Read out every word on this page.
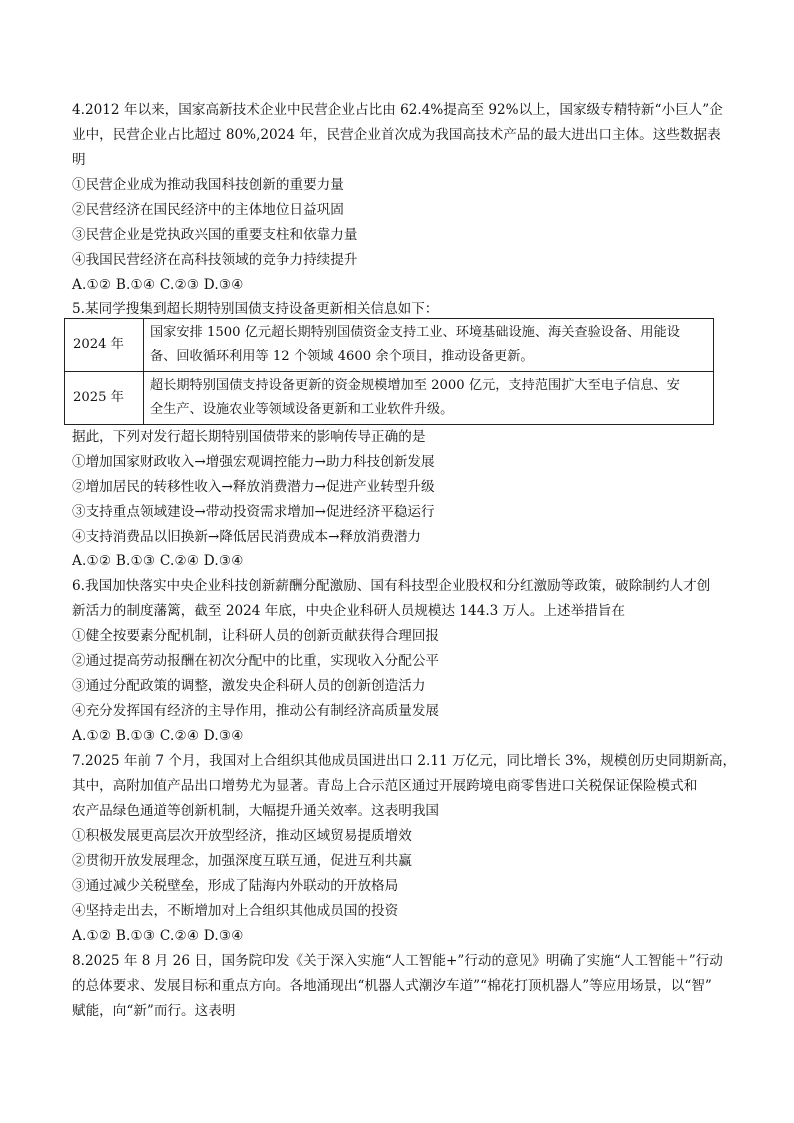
4.2012 年以来，国家高新技术企业中民营企业占比由 62.4%提高至 92%以上，国家级专精特新“小巨人”企
业中，民营企业占比超过 80%,2024 年，民营企业首次成为我国高技术产品的最大进出口主体。这些数据表
明
①民营企业成为推动我国科技创新的重要力量
②民营经济在国民经济中的主体地位日益巩固
③民营企业是党执政兴国的重要支柱和依靠力量
④我国民营经济在高科技领域的竞争力持续提升
A.①② B.①④ C.②③ D.③④
5.某同学搜集到超长期特别国债支持设备更新相关信息如下：
2024 年	国家安排 1500 亿元超长期特别国债资金支持工业、环境基础设施、海关查验设备、用能设
备、回收循环利用等 12 个领域 4600 余个项目，推动设备更新。

2025 年	超长期特别国债支持设备更新的资金规模增加至 2000 亿元，支持范围扩大至电子信息、安
全生产、设施农业等领域设备更新和工业软件升级。
据此，下列对发行超长期特别国债带来的影响传导正确的是
①增加国家财政收入→增强宏观调控能力→助力科技创新发展
②增加居民的转移性收入→释放消费潜力→促进产业转型升级
③支持重点领域建设→带动投资需求增加→促进经济平稳运行
④支持消费品以旧换新→降低居民消费成本→释放消费潜力
A.①② B.①③ C.②④ D.③④
6.我国加快落实中央企业科技创新薪酬分配激励、国有科技型企业股权和分红激励等政策，破除制约人才创
新活力的制度藩篱，截至 2024 年底，中央企业科研人员规模达 144.3 万人。上述举措旨在
①健全按要素分配机制，让科研人员的创新贡献获得合理回报
②通过提高劳动报酬在初次分配中的比重，实现收入分配公平
③通过分配政策的调整，激发央企科研人员的创新创造活力
④充分发挥国有经济的主导作用，推动公有制经济高质量发展
A.①② B.①③ C.②④ D.③④
7.2025 年前 7 个月，我国对上合组织其他成员国进出口 2.11 万亿元，同比增长 3%，规模创历史同期新高，
其中，高附加值产品出口增势尤为显著。青岛上合示范区通过开展跨境电商零售进口关税保证保险模式和
农产品绿色通道等创新机制，大幅提升通关效率。这表明我国
①积极发展更高层次开放型经济，推动区域贸易提质增效
②贯彻开放发展理念，加强深度互联互通，促进互利共赢
③通过减少关税壁垒，形成了陆海内外联动的开放格局
④坚持走出去，不断增加对上合组织其他成员国的投资
A.①② B.①③ C.②④ D.③④
8.2025 年 8 月 26 日，国务院印发《关于深入实施“人工智能+”行动的意见》明确了实施“人工智能＋”行动
的总体要求、发展目标和重点方向。各地涌现出“机器人式潮汐车道”“棉花打顶机器人”等应用场景，以“智”
赋能，向“新”而行。这表明
